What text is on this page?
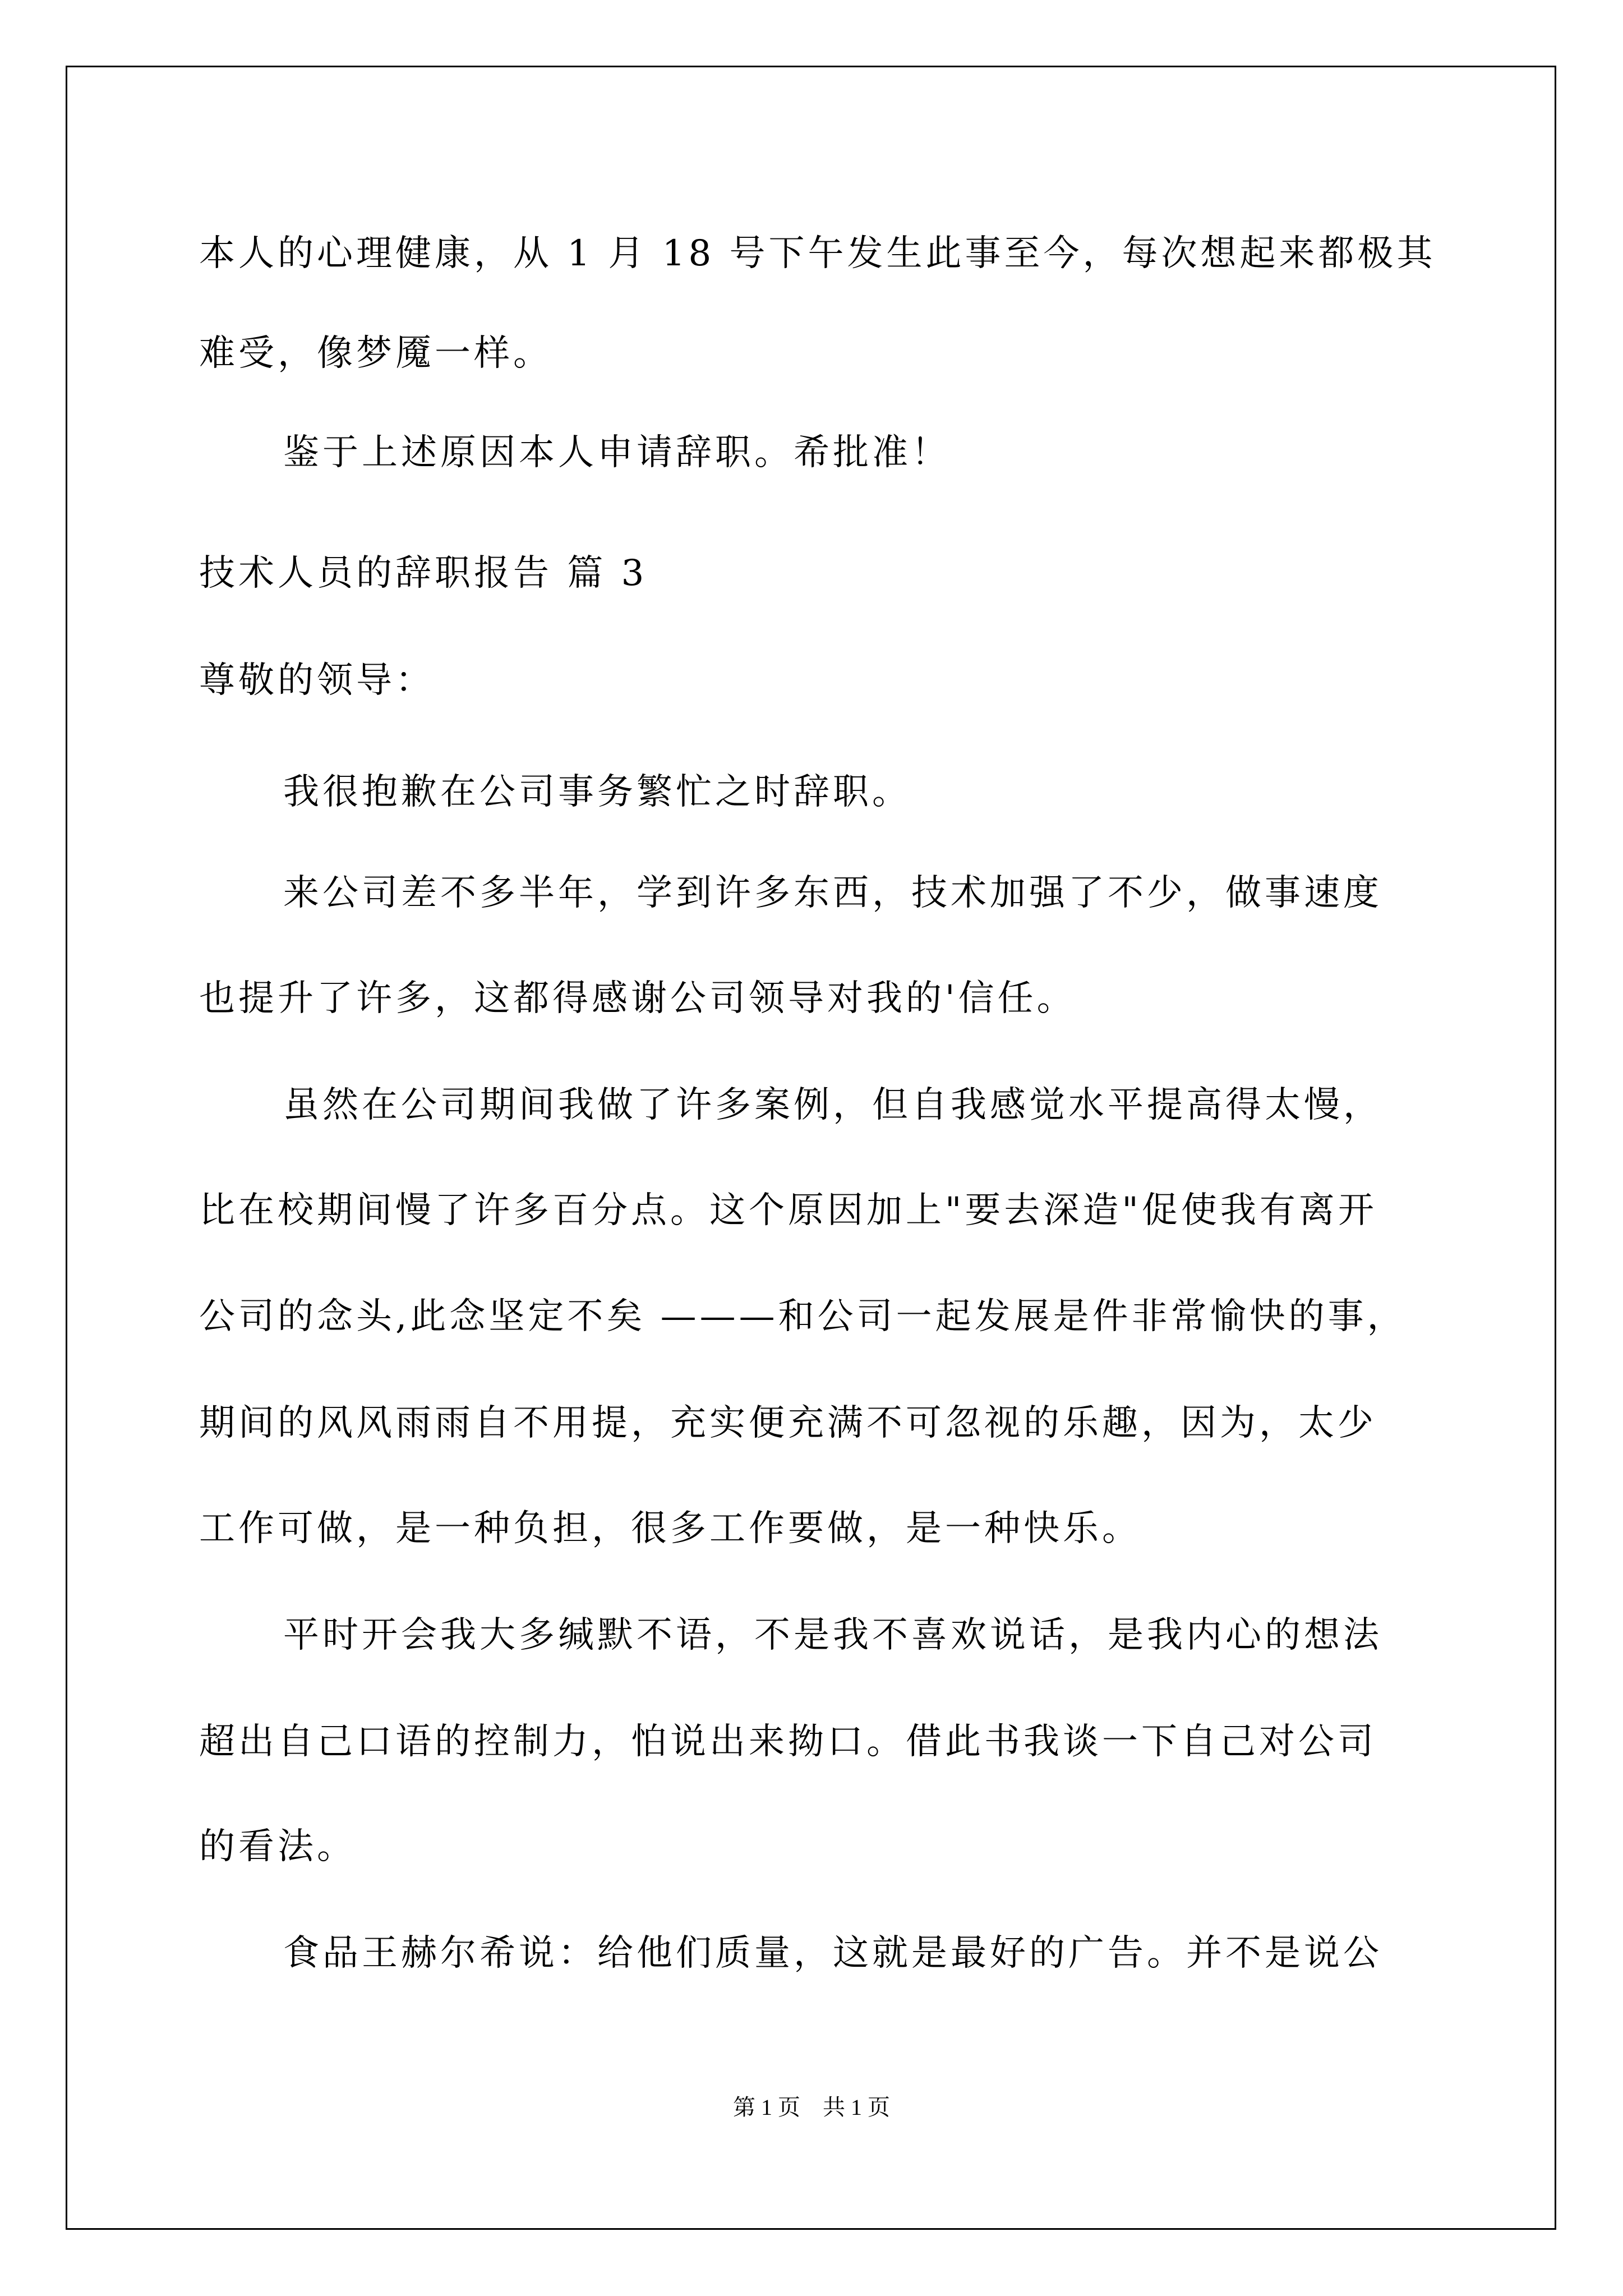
本人的心理健康，从 1 月 18 号下午发生此事至今，每次想起来都极其
难受，像梦魇一样。
鉴于上述原因本人申请辞职。希批准！
技术人员的辞职报告 篇 3
尊敬的领导：
我很抱歉在公司事务繁忙之时辞职。
来公司差不多半年，学到许多东西，技术加强了不少，做事速度
也提升了许多，这都得感谢公司领导对我的'信任。
虽然在公司期间我做了许多案例，但自我感觉水平提高得太慢，
比在校期间慢了许多百分点。这个原因加上"要去深造"促使我有离开
公司的念头,此念坚定不矣 ———和公司一起发展是件非常愉快的事，
期间的风风雨雨自不用提，充实便充满不可忽视的乐趣，因为，太少
工作可做，是一种负担，很多工作要做，是一种快乐。
平时开会我大多缄默不语，不是我不喜欢说话，是我内心的想法
超出自己口语的控制力，怕说出来拗口。借此书我谈一下自己对公司
的看法。
食品王赫尔希说：给他们质量，这就是最好的广告。并不是说公
第 1 页　共 1 页
